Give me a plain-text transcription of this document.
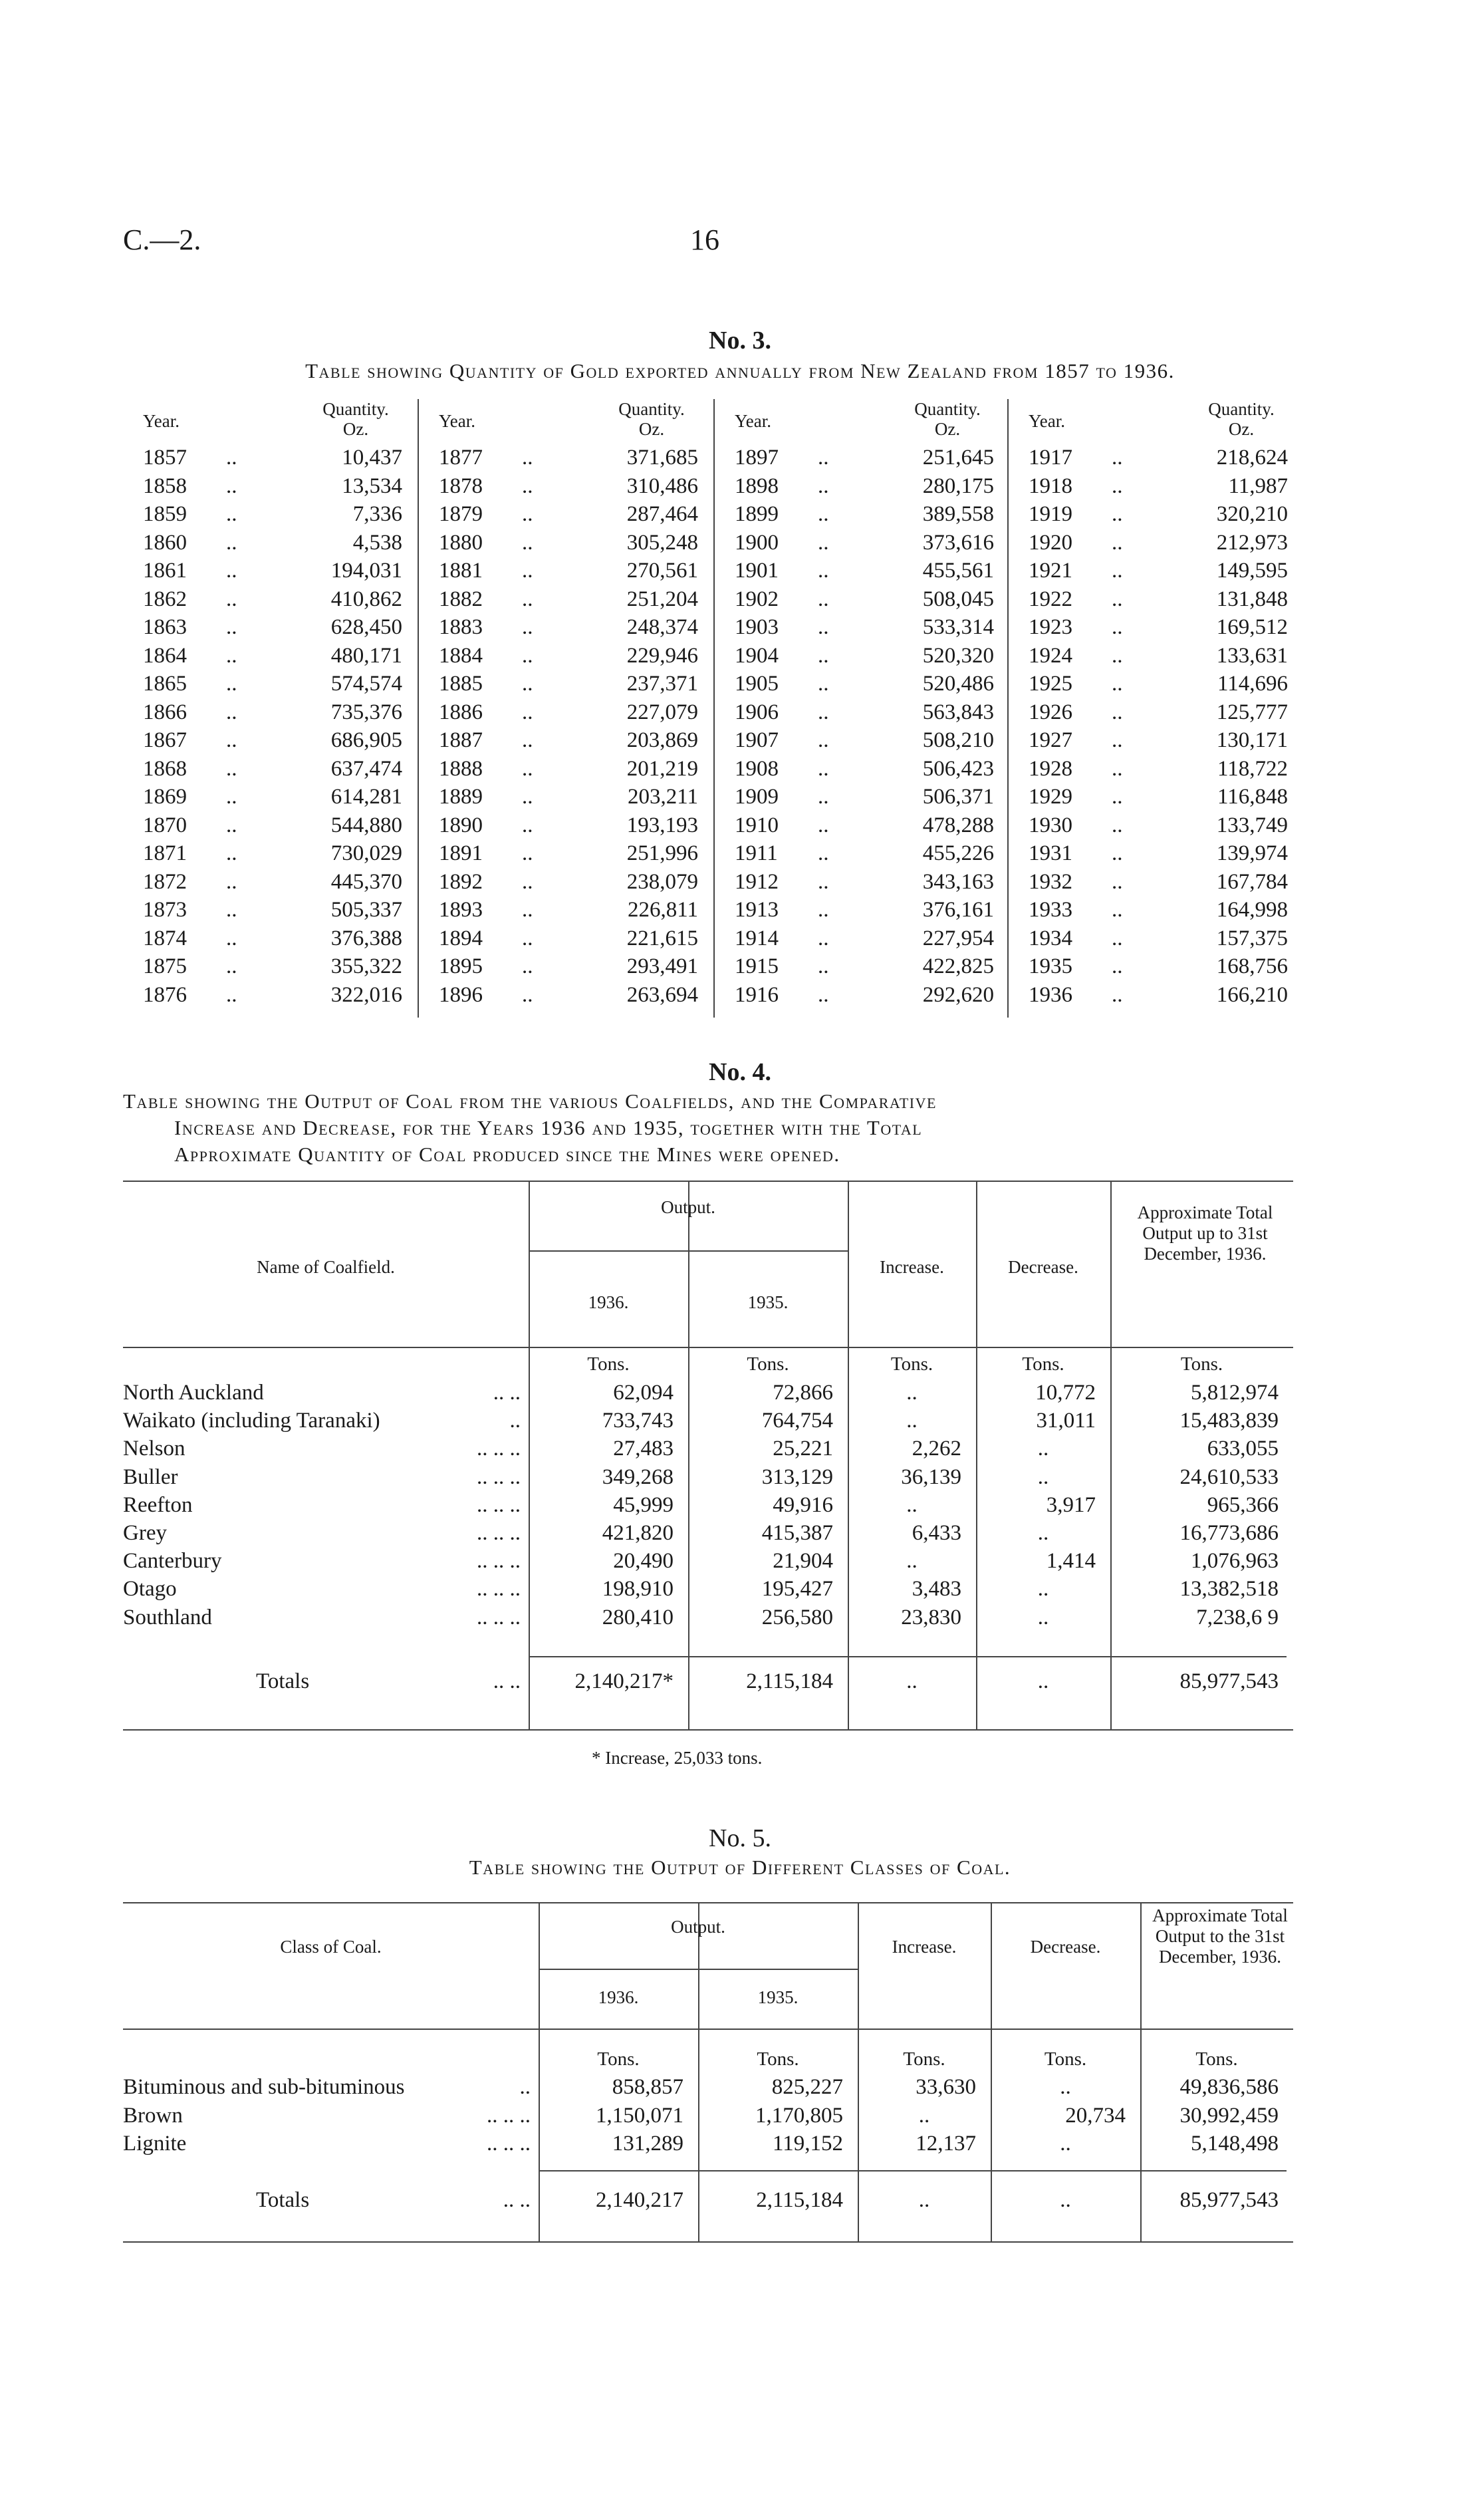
C.—2.	16
No. 3.
Table showing Quantity of Gold exported annually from New Zealand from 1857 to 1936.
Year.
Quantity.
Oz.
1857 ..	10,437
1858 ..	13,534
1859 ..	7,336
1860 ..	4,538
1861 ..	194,031
1862 ..	410,862
1863 ..	628,450
1864 ..	480,171
1865 ..	574,574
1866 ..	735,376
1867 ..	686,905
1868 ..	637,474
1869 ..	614,281
1870 ..	544,880
1871 ..	730,029
1872 ..	445,370
1873 ..	505,337
1874 ..	376,388
1875 ..	355,322
1876 ..	322,016
Year.
Quantity.
Oz.
1877 ..	371,685
1878 ..	310,486
1879 ..	287,464
1880 ..	305,248
1881 ..	270,561
1882 ..	251,204
1883 ..	248,374
1884 ..	229,946
1885 ..	237,371
1886 ..	227,079
1887 ..	203,869
1888 ..	201,219
1889 ..	203,211
1890 ..	193,193
1891 ..	251,996
1892 ..	238,079
1893 ..	226,811
1894 ..	221,615
1895 ..	293,491
1896 ..	263,694
Year.
Quantity.
Oz.
1897 ..	251,645
1898 ..	280,175
1899 ..	389,558
1900 ..	373,616
1901 ..	455,561
1902 ..	508,045
1903 ..	533,314
1904 ..	520,320
1905 ..	520,486
1906 ..	563,843
1907 ..	508,210
1908 ..	506,423
1909 ..	506,371
1910 ..	478,288
1911 ..	455,226
1912 ..	343,163
1913 ..	376,161
1914 ..	227,954
1915 ..	422,825
1916 ..	292,620
Year.
Quantity.
Oz.
1917 ..	218,624
1918 ..	11,987
1919 ..	320,210
1920 ..	212,973
1921 ..	149,595
1922 ..	131,848
1923 ..	169,512
1924 ..	133,631
1925 ..	114,696
1926 ..	125,777
1927 ..	130,171
1928 ..	118,722
1929 ..	116,848
1930 ..	133,749
1931 ..	139,974
1932 ..	167,784
1933 ..	164,998
1934 ..	157,375
1935 ..	168,756
1936 ..	166,210
No. 4.
Table showing the Output of Coal from the various Coalfields, and the Comparative
Increase and Decrease, for the Years 1936 and 1935, together with the Total
Approximate Quantity of Coal produced since the Mines were opened.
Name of Coalfield.
Output.
1936.	1935.
Increase.	Decrease.
Approximate Total Output up to 31st December, 1936.
Tons.	Tons.	Tons.	Tons.	Tons.
North Auckland	.. ..	62,094	72,866	..	10,772	5,812,974
Waikato (including Taranaki)	..	733,743	764,754	..	31,011	15,483,839
Nelson	.. .. ..	27,483	25,221	2,262	..	633,055
Buller	.. .. ..	349,268	313,129	36,139	..	24,610,533
Reefton	.. .. ..	45,999	49,916	..	3,917	965,366
Grey	.. .. ..	421,820	415,387	6,433	..	16,773,686
Canterbury	.. .. ..	20,490	21,904	..	1,414	1,076,963
Otago	.. .. ..	198,910	195,427	3,483	..	13,382,518
Southland	.. .. ..	280,410	256,580	23,830	..	7,238,6 9
Totals	.. ..	2,140,217*	2,115,184	..	..	85,977,543
* Increase, 25,033 tons.
No. 5.
Table showing the Output of Different Classes of Coal.
Class of Coal.
Output.
1936.	1935.
Increase.	Decrease.
Approximate Total Output to the 31st December, 1936.
Tons.	Tons.	Tons.	Tons.	Tons.
Bituminous and sub-bituminous	..	858,857	825,227	33,630	..	49,836,586
Brown	.. .. ..	1,150,071	1,170,805	..	20,734	30,992,459
Lignite	.. .. ..	131,289	119,152	12,137	..	5,148,498
Totals	.. ..	2,140,217	2,115,184	..	..	85,977,543
